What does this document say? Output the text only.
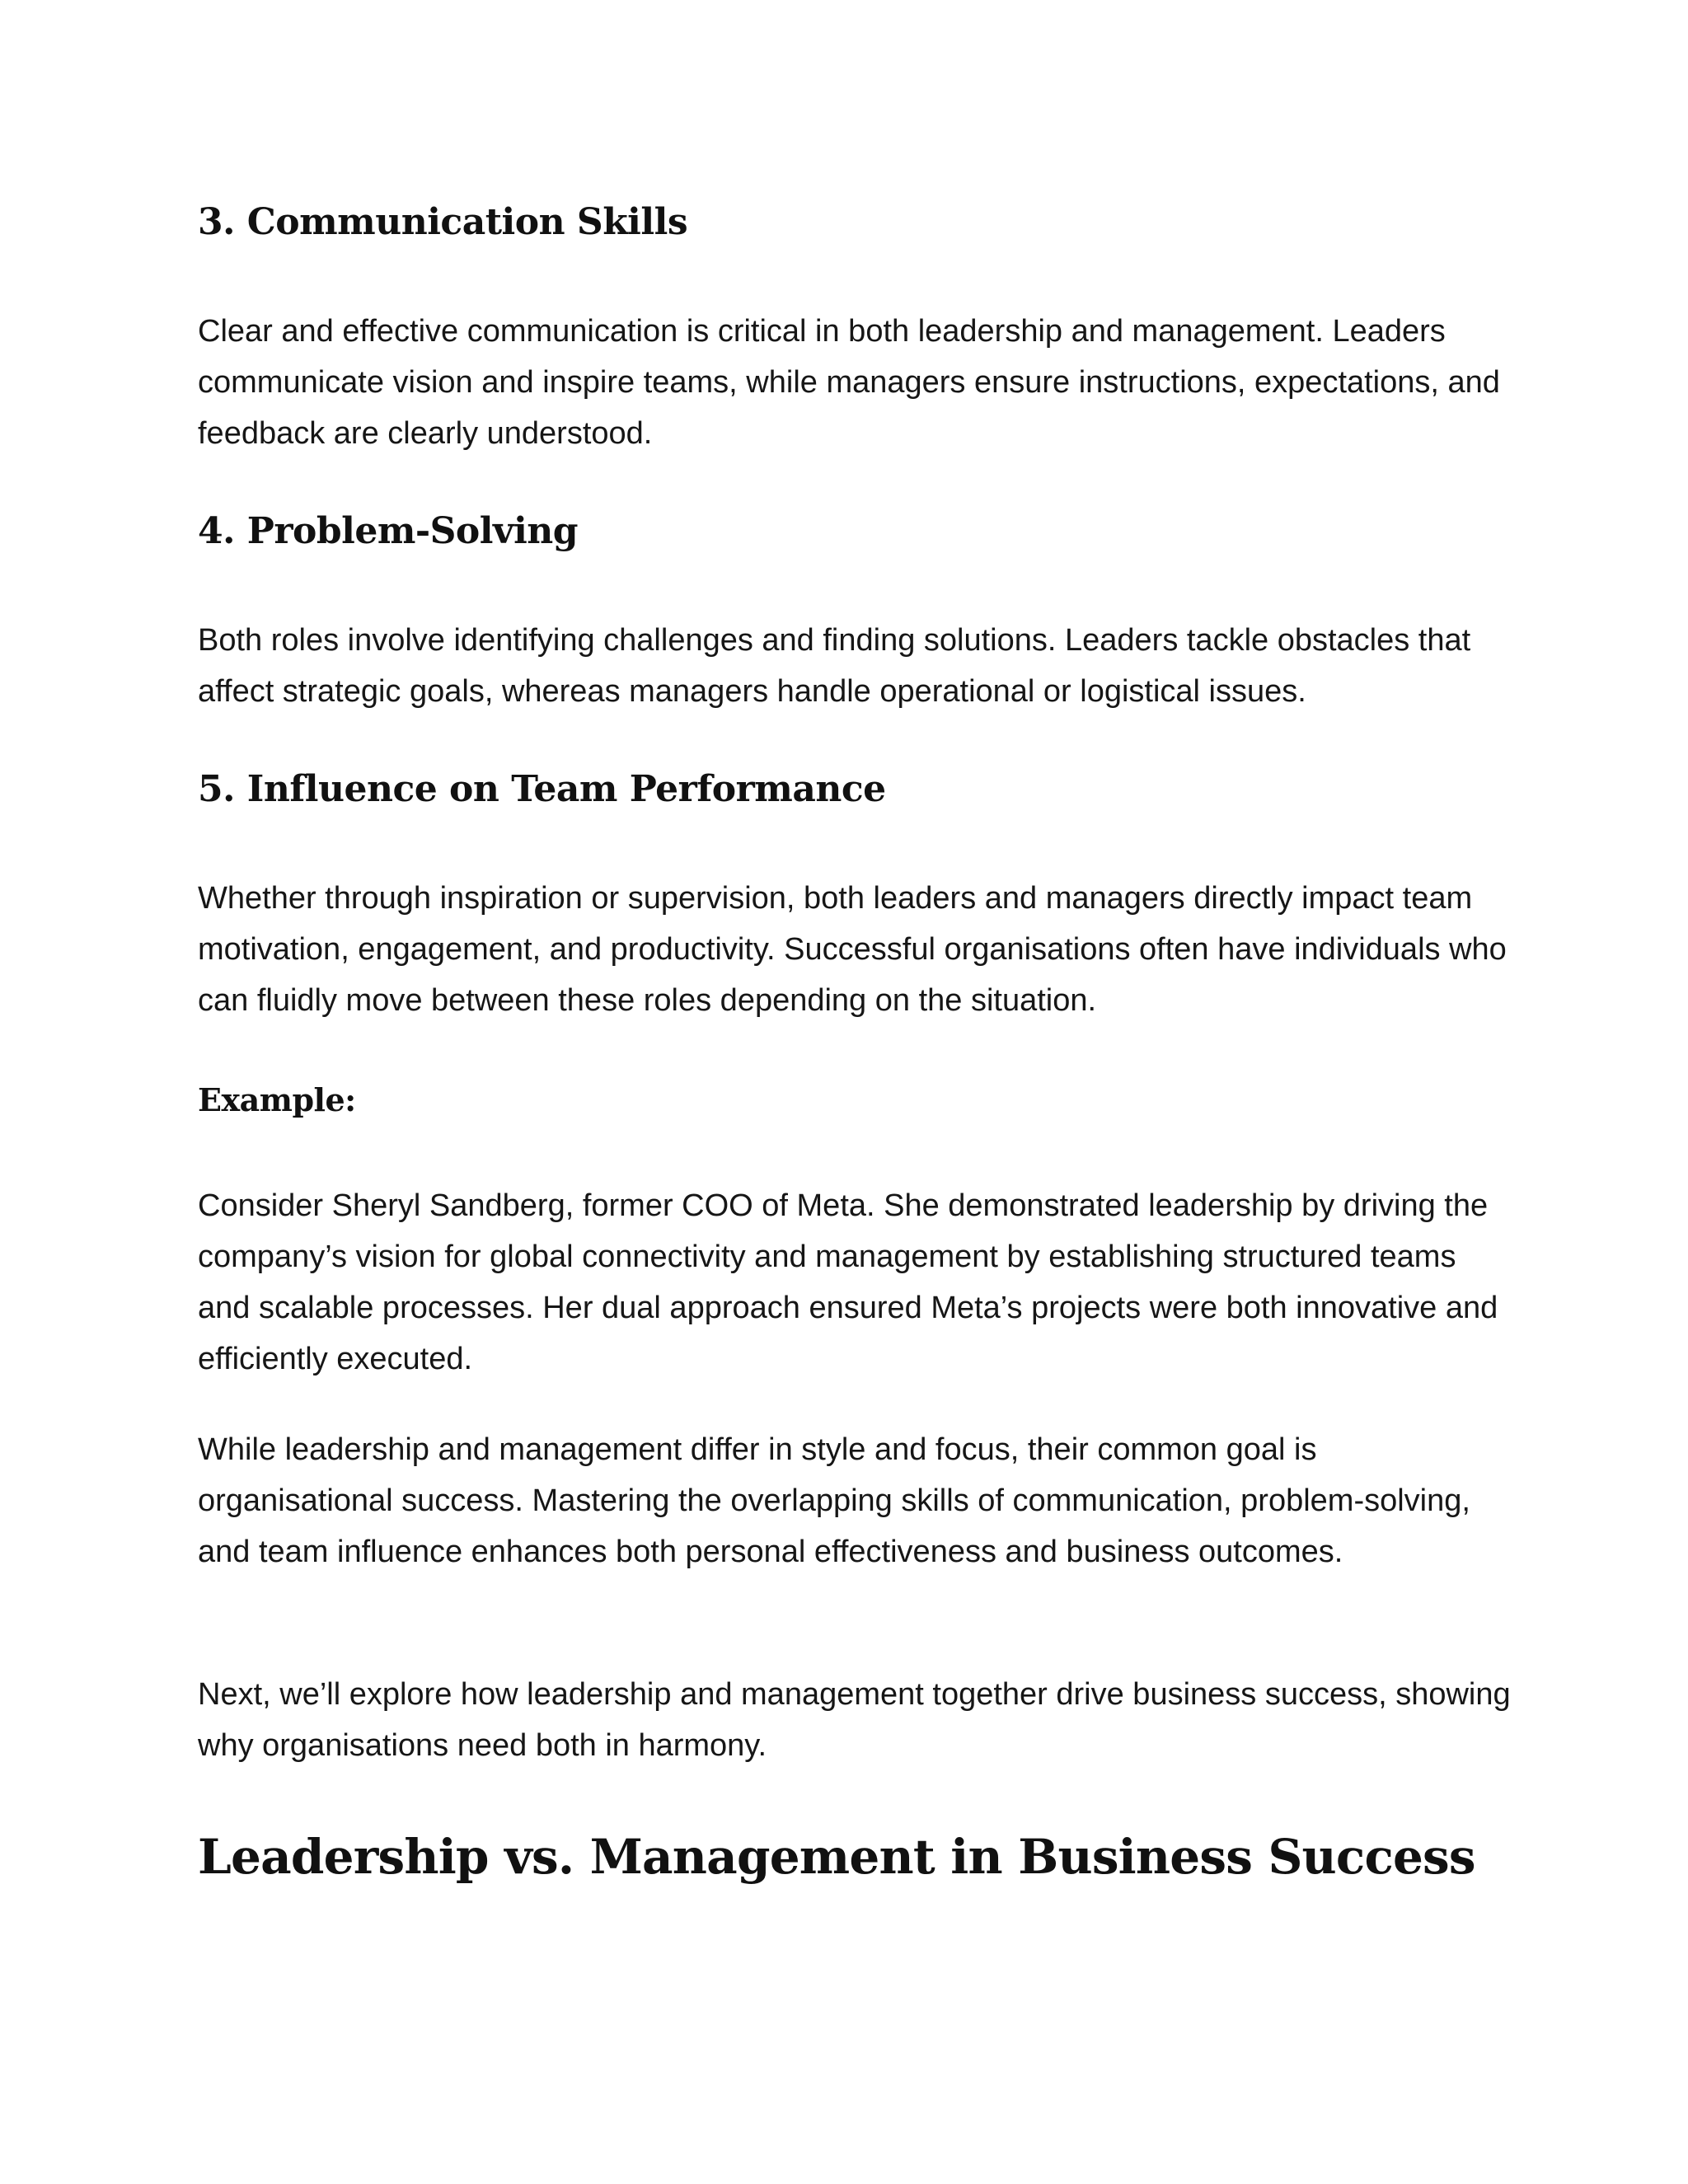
3. Communication Skills

Clear and effective communication is critical in both leadership and management. Leaders communicate vision and inspire teams, while managers ensure instructions, expectations, and feedback are clearly understood.

4. Problem-Solving

Both roles involve identifying challenges and finding solutions. Leaders tackle obstacles that affect strategic goals, whereas managers handle operational or logistical issues.

5. Influence on Team Performance

Whether through inspiration or supervision, both leaders and managers directly impact team motivation, engagement, and productivity. Successful organisations often have individuals who can fluidly move between these roles depending on the situation.

Example:

Consider Sheryl Sandberg, former COO of Meta. She demonstrated leadership by driving the company’s vision for global connectivity and management by establishing structured teams and scalable processes. Her dual approach ensured Meta’s projects were both innovative and efficiently executed.

While leadership and management differ in style and focus, their common goal is organisational success. Mastering the overlapping skills of communication, problem-solving, and team influence enhances both personal effectiveness and business outcomes.

Next, we’ll explore how leadership and management together drive business success, showing why organisations need both in harmony.

Leadership vs. Management in Business Success
